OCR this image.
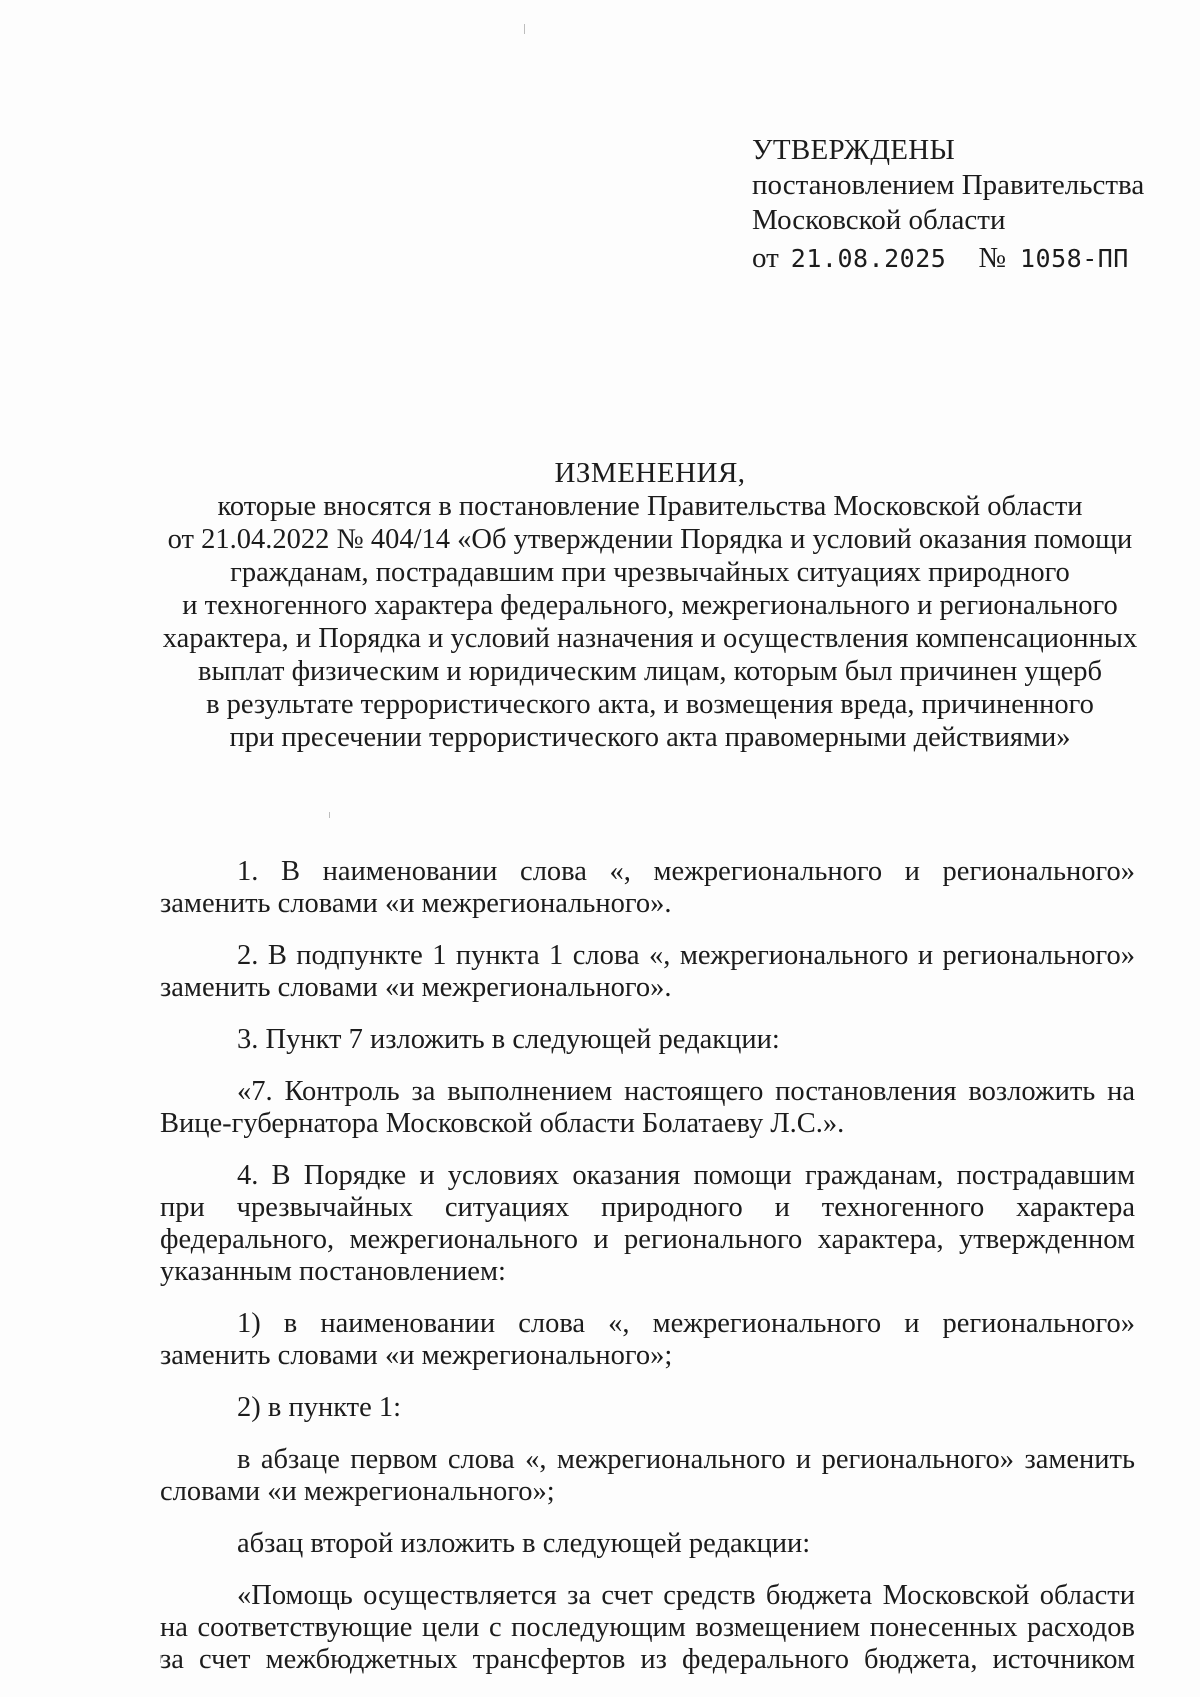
УТВЕРЖДЕНЫ
постановлением Правительства
Московской области
от 21.08.2025 № 1058-ПП
ИЗМЕНЕНИЯ,
которые вносятся в постановление Правительства Московской области
от 21.04.2022 № 404/14 «Об утверждении Порядка и условий оказания помощи
гражданам, пострадавшим при чрезвычайных ситуациях природного
и техногенного характера федерального, межрегионального и регионального
характера, и Порядка и условий назначения и осуществления компенсационных
выплат физическим и юридическим лицам, которым был причинен ущерб
в результате террористического акта, и возмещения вреда, причиненного
при пресечении террористического акта правомерными действиями»

1. В наименовании слова «, межрегионального и регионального» заменить словами «и межрегионального».

2. В подпункте 1 пункта 1 слова «, межрегионального и регионального» заменить словами «и межрегионального».

3. Пункт 7 изложить в следующей редакции:

«7. Контроль за выполнением настоящего постановления возложить на Вице-губернатора Московской области Болатаеву Л.С.».

4. В Порядке и условиях оказания помощи гражданам, пострадавшим при чрезвычайных ситуациях природного и техногенного характера федерального, межрегионального и регионального характера, утвержденном указанным постановлением:

1) в наименовании слова «, межрегионального и регионального» заменить словами «и межрегионального»;

2) в пункте 1:

в абзаце первом слова «, межрегионального и регионального» заменить словами «и межрегионального»;

абзац второй изложить в следующей редакции:

«Помощь осуществляется за счет средств бюджета Московской области на соответствующие цели с последующим возмещением понесенных расходов за счет межбюджетных трансфертов из федерального бюджета, источником
